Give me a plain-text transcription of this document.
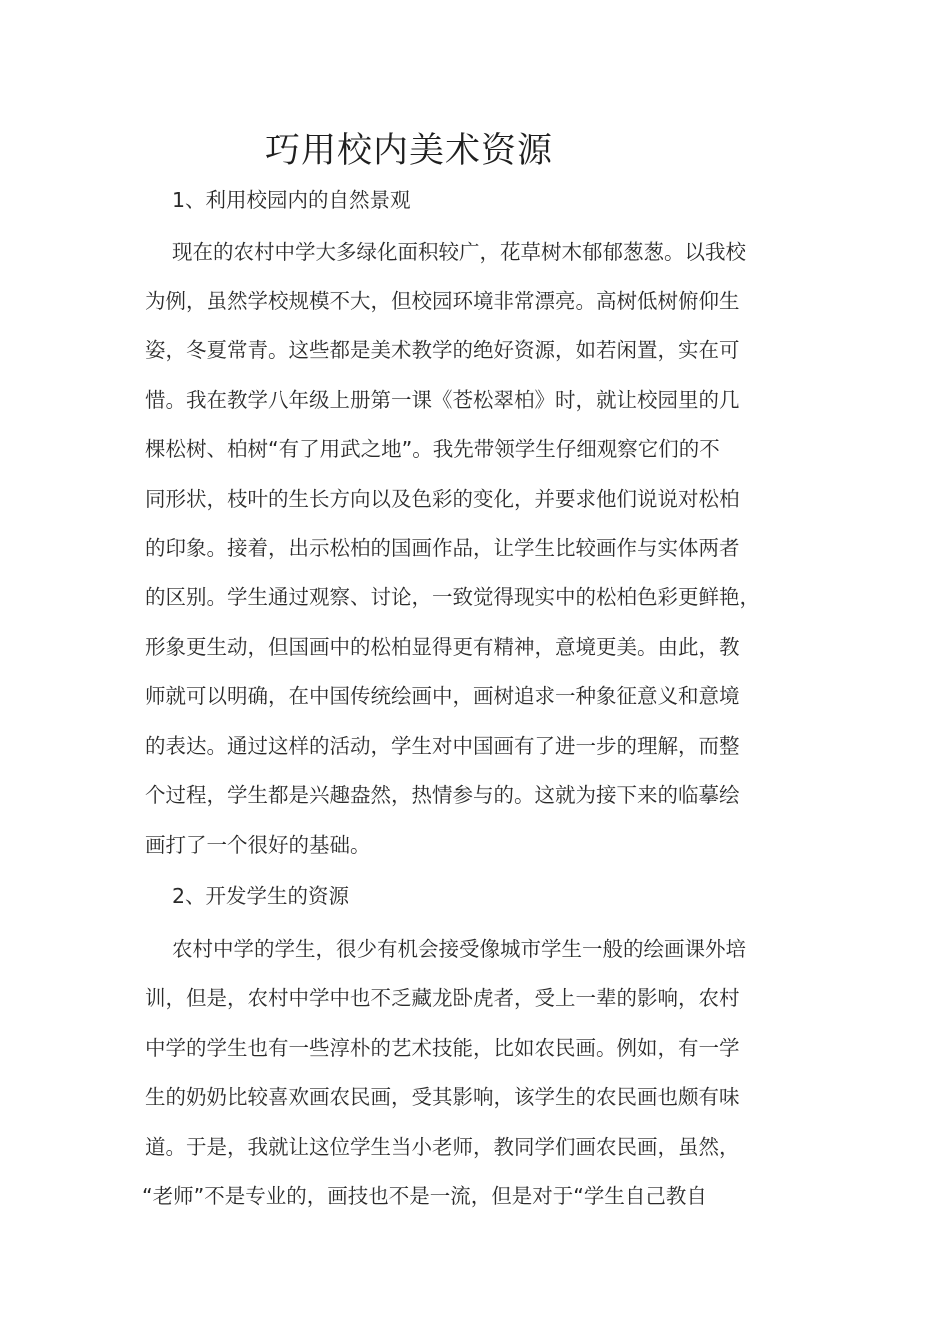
巧用校内美术资源
1、利用校园内的自然景观
现在的农村中学大多绿化面积较广，花草树木郁郁葱葱。以我校
为例，虽然学校规模不大，但校园环境非常漂亮。高树低树俯仰生
姿，冬夏常青。这些都是美术教学的绝好资源，如若闲置，实在可
惜。我在教学八年级上册第一课《苍松翠柏》时，就让校园里的几
棵松树、柏树“有了用武之地”。我先带领学生仔细观察它们的不
同形状，枝叶的生长方向以及色彩的变化，并要求他们说说对松柏
的印象。接着，出示松柏的国画作品，让学生比较画作与实体两者
的区别。学生通过观察、讨论，一致觉得现实中的松柏色彩更鲜艳，
形象更生动，但国画中的松柏显得更有精神，意境更美。由此，教
师就可以明确，在中国传统绘画中，画树追求一种象征意义和意境
的表达。通过这样的活动，学生对中国画有了进一步的理解，而整
个过程，学生都是兴趣盎然，热情参与的。这就为接下来的临摹绘
画打了一个很好的基础。
2、开发学生的资源
农村中学的学生，很少有机会接受像城市学生一般的绘画课外培
训，但是，农村中学中也不乏藏龙卧虎者，受上一辈的影响，农村
中学的学生也有一些淳朴的艺术技能，比如农民画。例如，有一学
生的奶奶比较喜欢画农民画，受其影响，该学生的农民画也颇有味
道。于是，我就让这位学生当小老师，教同学们画农民画，虽然，
“老师”不是专业的，画技也不是一流，但是对于“学生自己教自
